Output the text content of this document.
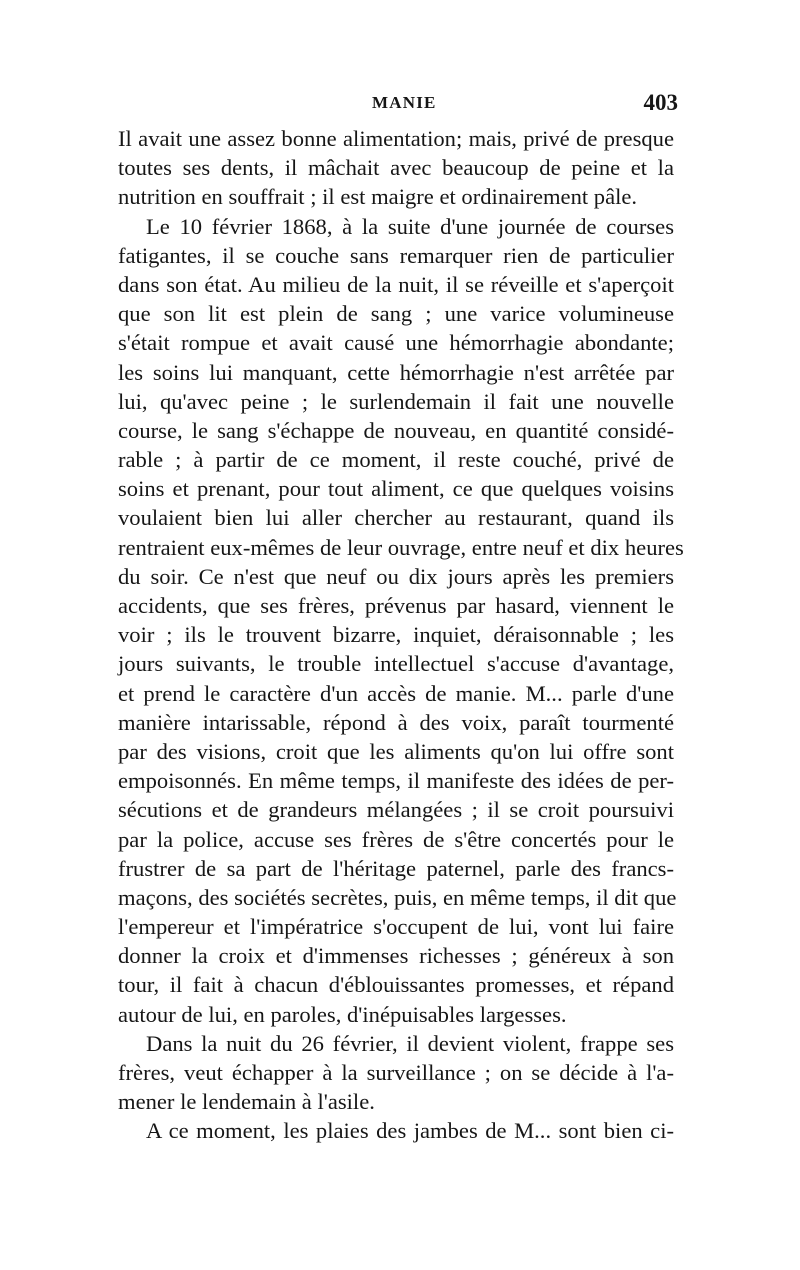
MANIE	403
Il avait une assez bonne alimentation; mais, privé de presque
toutes ses dents, il mâchait avec beaucoup de peine et la
nutrition en souffrait ; il est maigre et ordinairement pâle.
Le 10 février 1868, à la suite d'une journée de courses
fatigantes, il se couche sans remarquer rien de particulier
dans son état. Au milieu de la nuit, il se réveille et s'aperçoit
que son lit est plein de sang ; une varice volumineuse
s'était rompue et avait causé une hémorrhagie abondante;
les soins lui manquant, cette hémorrhagie n'est arrêtée par
lui, qu'avec peine ; le surlendemain il fait une nouvelle
course, le sang s'échappe de nouveau, en quantité considé-
rable ; à partir de ce moment, il reste couché, privé de
soins et prenant, pour tout aliment, ce que quelques voisins
voulaient bien lui aller chercher au restaurant, quand ils
rentraient eux-mêmes de leur ouvrage, entre neuf et dix heures
du soir. Ce n'est que neuf ou dix jours après les premiers
accidents, que ses frères, prévenus par hasard, viennent le
voir ; ils le trouvent bizarre, inquiet, déraisonnable ; les
jours suivants, le trouble intellectuel s'accuse d'avantage,
et prend le caractère d'un accès de manie. M... parle d'une
manière intarissable, répond à des voix, paraît tourmenté
par des visions, croit que les aliments qu'on lui offre sont
empoisonnés. En même temps, il manifeste des idées de per-
sécutions et de grandeurs mélangées ; il se croit poursuivi
par la police, accuse ses frères de s'être concertés pour le
frustrer de sa part de l'héritage paternel, parle des francs-
maçons, des sociétés secrètes, puis, en même temps, il dit que
l'empereur et l'impératrice s'occupent de lui, vont lui faire
donner la croix et d'immenses richesses ; généreux à son
tour, il fait à chacun d'éblouissantes promesses, et répand
autour de lui, en paroles, d'inépuisables largesses.
Dans la nuit du 26 février, il devient violent, frappe ses
frères, veut échapper à la surveillance ; on se décide à l'a-
mener le lendemain à l'asile.
A ce moment, les plaies des jambes de M... sont bien ci-
